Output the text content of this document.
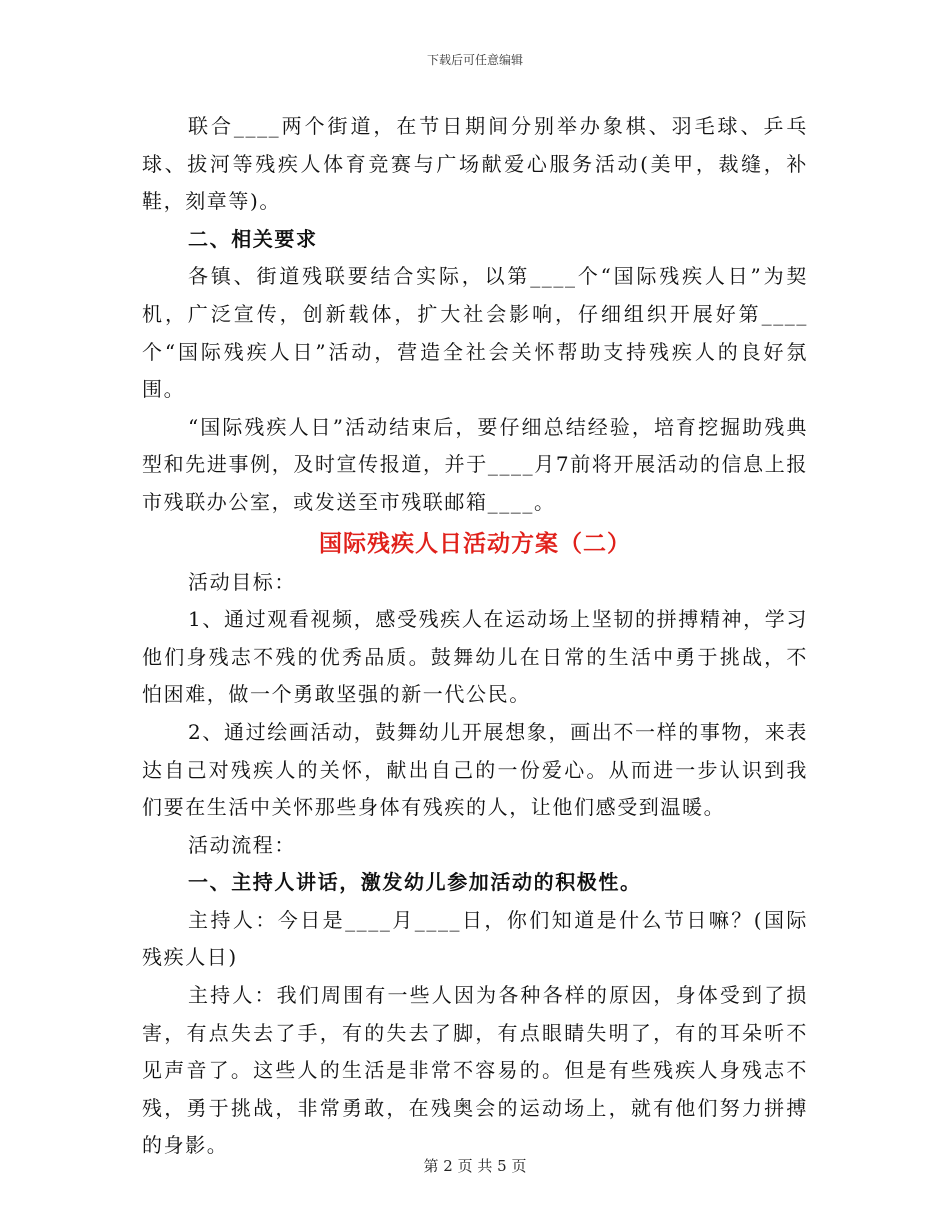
下载后可任意编辑

联合____两个街道，在节日期间分别举办象棋、羽毛球、乒乓球、拔河等残疾人体育竞赛与广场献爱心服务活动(美甲，裁缝，补鞋，刻章等)。

二、相关要求

各镇、街道残联要结合实际，以第____个“国际残疾人日”为契机，广泛宣传，创新载体，扩大社会影响，仔细组织开展好第____个“国际残疾人日”活动，营造全社会关怀帮助支持残疾人的良好氛围。

“国际残疾人日”活动结束后，要仔细总结经验，培育挖掘助残典型和先进事例，及时宣传报道，并于____月7前将开展活动的信息上报市残联办公室，或发送至市残联邮箱____。

国际残疾人日活动方案（二）

活动目标：

1、通过观看视频，感受残疾人在运动场上坚韧的拼搏精神，学习他们身残志不残的优秀品质。鼓舞幼儿在日常的生活中勇于挑战，不怕困难，做一个勇敢坚强的新一代公民。

2、通过绘画活动，鼓舞幼儿开展想象，画出不一样的事物，来表达自己对残疾人的关怀，献出自己的一份爱心。从而进一步认识到我们要在生活中关怀那些身体有残疾的人，让他们感受到温暖。

活动流程：

一、主持人讲话，激发幼儿参加活动的积极性。

主持人：今日是____月____日，你们知道是什么节日嘛？(国际残疾人日)

主持人：我们周围有一些人因为各种各样的原因，身体受到了损害，有点失去了手，有的失去了脚，有点眼睛失明了，有的耳朵听不见声音了。这些人的生活是非常不容易的。但是有些残疾人身残志不残，勇于挑战，非常勇敢，在残奥会的运动场上，就有他们努力拼搏的身影。

第 2 页 共 5 页
